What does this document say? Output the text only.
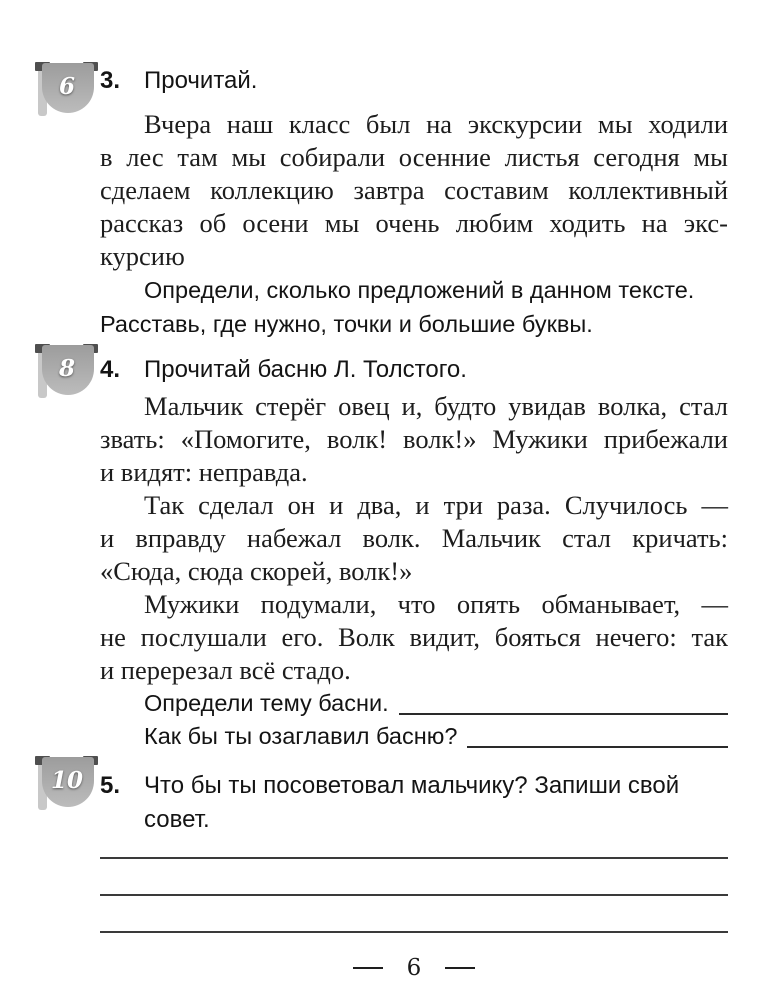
6
8
10
3. Прочитай.
Вчера наш класс был на экскурсии мы ходили
в лес там мы собирали осенние листья сегодня мы
сделаем коллекцию завтра составим коллективный
рассказ об осени мы очень любим ходить на экс-
курсию
Определи, сколько предложений в данном тексте.
Расставь, где нужно, точки и большие буквы.
4. Прочитай басню Л. Толстого.
Мальчик стерёг овец и, будто увидав волка, стал
звать: «Помогите, волк! волк!» Мужики прибежали
и видят: неправда.
Так сделал он и два, и три раза. Случилось —
и вправду набежал волк. Мальчик стал кричать:
«Сюда, сюда скорей, волк!»
Мужики подумали, что опять обманывает, —
не послушали его. Волк видит, бояться нечего: так
и перерезал всё стадо.
Определи тему басни.
Как бы ты озаглавил басню?
5. Что бы ты посоветовал мальчику? Запиши свой совет.
6
